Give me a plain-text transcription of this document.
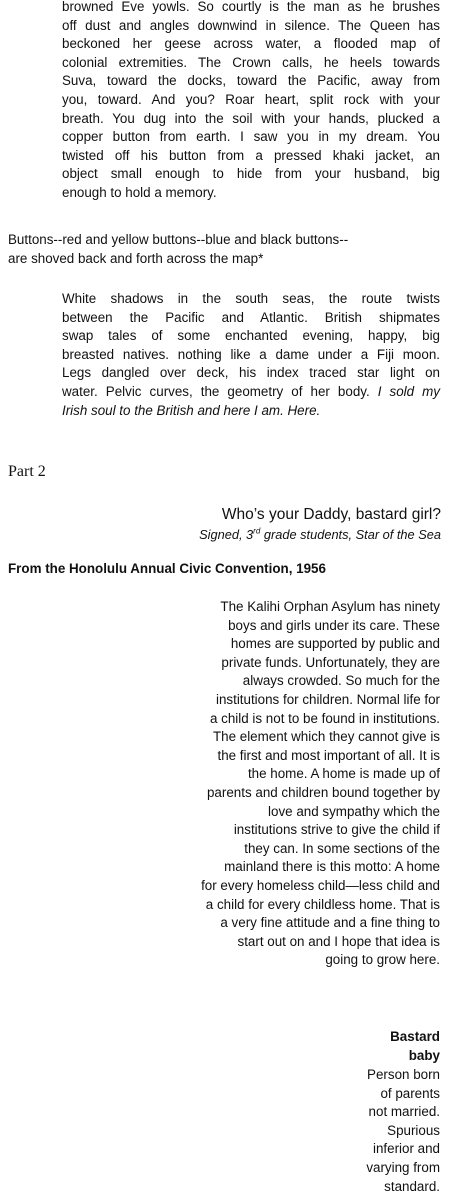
browned Eve yowls. So courtly is the man as he brushes
off dust and angles downwind in silence. The Queen has
beckoned her geese across water, a flooded map of
colonial extremities. The Crown calls, he heels towards
Suva, toward the docks, toward the Pacific, away from
you, toward. And you? Roar heart, split rock with your
breath. You dug into the soil with your hands, plucked a
copper button from earth. I saw you in my dream. You
twisted off his button from a pressed khaki jacket, an
object small enough to hide from your husband, big
enough to hold a memory.
Buttons--red and yellow buttons--blue and black buttons--
are shoved back and forth across the map*
White shadows in the south seas, the route twists
between the Pacific and Atlantic. British shipmates
swap tales of some enchanted evening, happy, big
breasted natives. nothing like a dame under a Fiji moon.
Legs dangled over deck, his index traced star light on
water. Pelvic curves, the geometry of her body. I sold my
Irish soul to the British and here I am. Here.
Part 2
Who’s your Daddy, bastard girl?
Signed, 3rd grade students, Star of the Sea
From the Honolulu Annual Civic Convention, 1956
The Kalihi Orphan Asylum has ninety
boys and girls under its care. These
homes are supported by public and
private funds. Unfortunately, they are
always crowded. So much for the
institutions for children. Normal life for
a child is not to be found in institutions.
The element which they cannot give is
the first and most important of all. It is
the home. A home is made up of
parents and children bound together by
love and sympathy which the
institutions strive to give the child if
they can. In some sections of the
mainland there is this motto: A home
for every homeless child—less child and
a child for every childless home. That is
a very fine attitude and a fine thing to
start out on and I hope that idea is
going to grow here.
Bastard
baby
Person born
of parents
not married.
Spurious
inferior and
varying from
standard.
